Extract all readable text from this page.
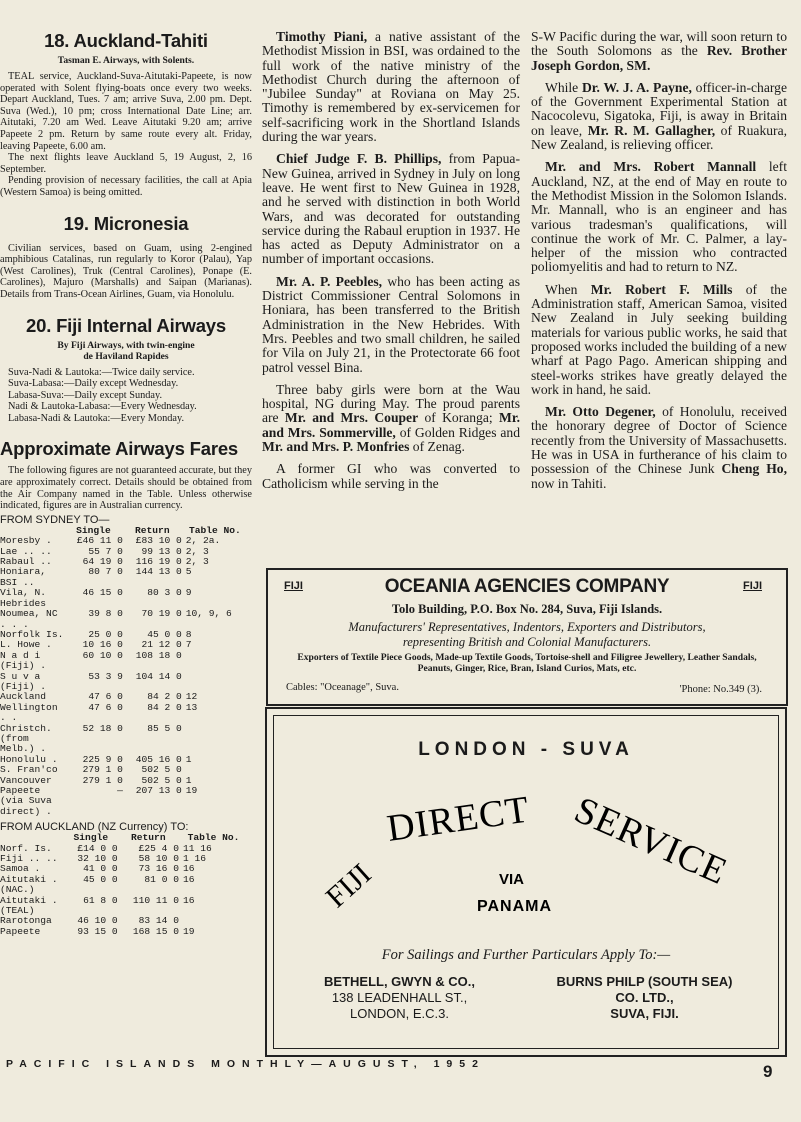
18. Auckland-Tahiti
Tasman E. Airways, with Solents.

TEAL service, Auckland-Suva-Aitutaki-Papeete, is now operated with Solent flying-boats once every two weeks. Depart Auckland, Tues. 7 am; arrive Suva, 2.00 pm. Dept. Suva (Wed.), 10 pm; cross International Date Line; arr. Aitutaki, 7.20 am Wed. Leave Aitutaki 9.20 am; arrive Papeete 2 pm. Return by same route every alt. Friday, leaving Papeete, 6.00 am.

The next flights leave Auckland 5, 19 August, 2, 16 September.

Pending provision of necessary facilities, the call at Apia (Western Samoa) is being omitted.

19. Micronesia

Civilian services, based on Guam, using 2-engined amphibious Catalinas, run regularly to Koror (Palau), Yap (West Carolines), Truk (Central Carolines), Ponape (E. Carolines), Majuro (Marshalls) and Saipan (Marianas). Details from Trans-Ocean Airlines, Guam, via Honolulu.

20. Fiji Internal Airways
By Fiji Airways, with twin-engine
de Haviland Rapides

Suva-Nadi & Lautoka:—Twice daily service.

Suva-Labasa:—Daily except Wednesday.

Labasa-Suva:—Daily except Sunday.

Nadi & Lautoka-Labasa:—Every Wednesday.

Labasa-Nadi & Lautoka:—Every Monday.

Approximate Airways Fares

The following figures are not guaranteed accurate, but they are approximately correct. Details should be obtained from the Air Company named in the Table. Unless otherwise indicated, figures are in Australian currency.

FROM SYDNEY TO—
	Single	Return	Table No.
Moresby .	£46 11 0	£83 10 0	2, 2a.
Lae .. ..	55 7 0	99 13 0	2, 3
Rabaul ..	64 19 0	116 19 0	2, 3
Honiara, BSI ..	80 7 0	144 13 0	5
Vila, N. Hebrides	46 15 0	80 3 0	9
Noumea, NC . . .	39 8 0	70 19 0	10, 9, 6
Norfolk Is.	25 0 0	45 0 0	8
L. Howe .	10 16 0	21 12 0	7
N a d i (Fiji) .	60 10 0	108 18 0	
S u v a (Fiji) .	53 3 9	104 14 0	
Auckland	47 6 0	84 2 0	12
Wellington . .	47 6 0	84 2 0	13
Christch. (from Melb.) .	52 18 0	85 5 0	
Honolulu .	225 9 0	405 16 0	1
S. Fran'co	279 1 0	502 5 0	
Vancouver	279 1 0	502 5 0	1
Papeete (via Suva direct) .	—	207 13 0	19
FROM AUCKLAND (NZ Currency) TO:
	Single	Return	Table No.
Norf. Is.	£14 0 0	£25 4 0	11 16
Fiji .. ..	32 10 0	58 10 0	1 16
Samoa .	41 0 0	73 16 0	16
Aitutaki . (NAC.)	45 0 0	81 0 0	16
Aitutaki . (TEAL)	61 8 0	110 11 0	16
Rarotonga	46 10 0	83 14 0	
Papeete	93 15 0	168 15 0	19

Timothy Piani, a native assistant of the Methodist Mission in BSI, was ordained to the full work of the native ministry of the Methodist Church during the afternoon of "Jubilee Sunday" at Roviana on May 25. Timothy is remembered by ex-servicemen for self-sacrificing work in the Shortland Islands during the war years.

Chief Judge F. B. Phillips, from Papua-New Guinea, arrived in Sydney in July on long leave. He went first to New Guinea in 1928, and he served with distinction in both World Wars, and was decorated for outstanding service during the Rabaul eruption in 1937. He has acted as Deputy Administrator on a number of important occasions.

Mr. A. P. Peebles, who has been acting as District Commissioner Central Solomons in Honiara, has been transferred to the British Administration in the New Hebrides. With Mrs. Peebles and two small children, he sailed for Vila on July 21, in the Protectorate 66 foot patrol vessel Bina.

Three baby girls were born at the Wau hospital, NG during May. The proud parents are Mr. and Mrs. Couper of Koranga; Mr. and Mrs. Sommerville, of Golden Ridges and Mr. and Mrs. P. Monfries of Zenag.

A former GI who was converted to Catholicism while serving in the

S-W Pacific during the war, will soon return to the South Solomons as the Rev. Brother Joseph Gordon, SM.

While Dr. W. J. A. Payne, officer-in-charge of the Government Experimental Station at Nacocolevu, Sigatoka, Fiji, is away in Britain on leave, Mr. R. M. Gallagher, of Ruakura, New Zealand, is relieving officer.

Mr. and Mrs. Robert Mannall left Auckland, NZ, at the end of May en route to the Methodist Mission in the Solomon Islands. Mr. Mannall, who is an engineer and has various tradesman's qualifications, will continue the work of Mr. C. Palmer, a lay-helper of the mission who contracted poliomyelitis and had to return to NZ.

When Mr. Robert F. Mills of the Administration staff, American Samoa, visited New Zealand in July seeking building materials for various public works, he said that proposed works included the building of a new wharf at Pago Pago. American shipping and steel-works strikes have greatly delayed the work in hand, he said.

Mr. Otto Degener, of Honolulu, received the honorary degree of Doctor of Science recently from the University of Massachusetts. He was in USA in furtherance of his claim to possession of the Chinese Junk Cheng Ho, now in Tahiti.

FIJI	FIJI
OCEANIA AGENCIES COMPANY
Tolo Building, P.O. Box No. 284, Suva, Fiji Islands.
Manufacturers' Representatives, Indentors, Exporters and Distributors,
representing British and Colonial Manufacturers.
Exporters of Textile Piece Goods, Made-up Textile Goods, Tortoise-shell and Filigree Jewellery, Leather Sandals, Peanuts, Ginger, Rice, Bran, Island Curios, Mats, etc.
Cables: "Oceanage", Suva.	'Phone: No.349 (3).
LONDON - SUVA
FIJI
DIRECT SERVICE
VIA
PANAMA
For Sailings and Further Particulars Apply To:—
BETHELL, GWYN & CO.,
138 LEADENHALL ST.,
LONDON, E.C.3.
BURNS PHILP (SOUTH SEA)
CO. LTD.,
SUVA, FIJI.
PACIFIC ISLANDS MONTHLY—AUGUST, 1952	9
